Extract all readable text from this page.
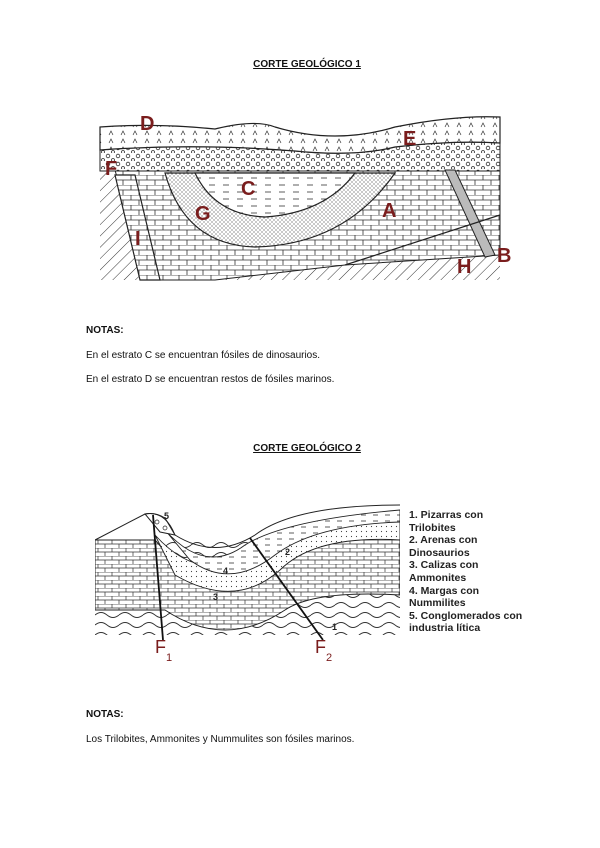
CORTE GEOLÓGICO 1
D
E
F
C
G	A
I
H B
NOTAS:
En el estrato C se encuentran fósiles de dinosaurios.
En el estrato D se encuentran restos de fósiles marinos.
CORTE GEOLÓGICO 2
5
2
4
3
1
F
1
F
2
1. Pizarras con
Trilobites
2. Arenas con
Dinosaurios
3. Calizas con
Ammonites
4. Margas con
Nummilites
5. Conglomerados con
industria lítica
NOTAS:
Los Trilobites, Ammonites y Nummulites son fósiles marinos.
